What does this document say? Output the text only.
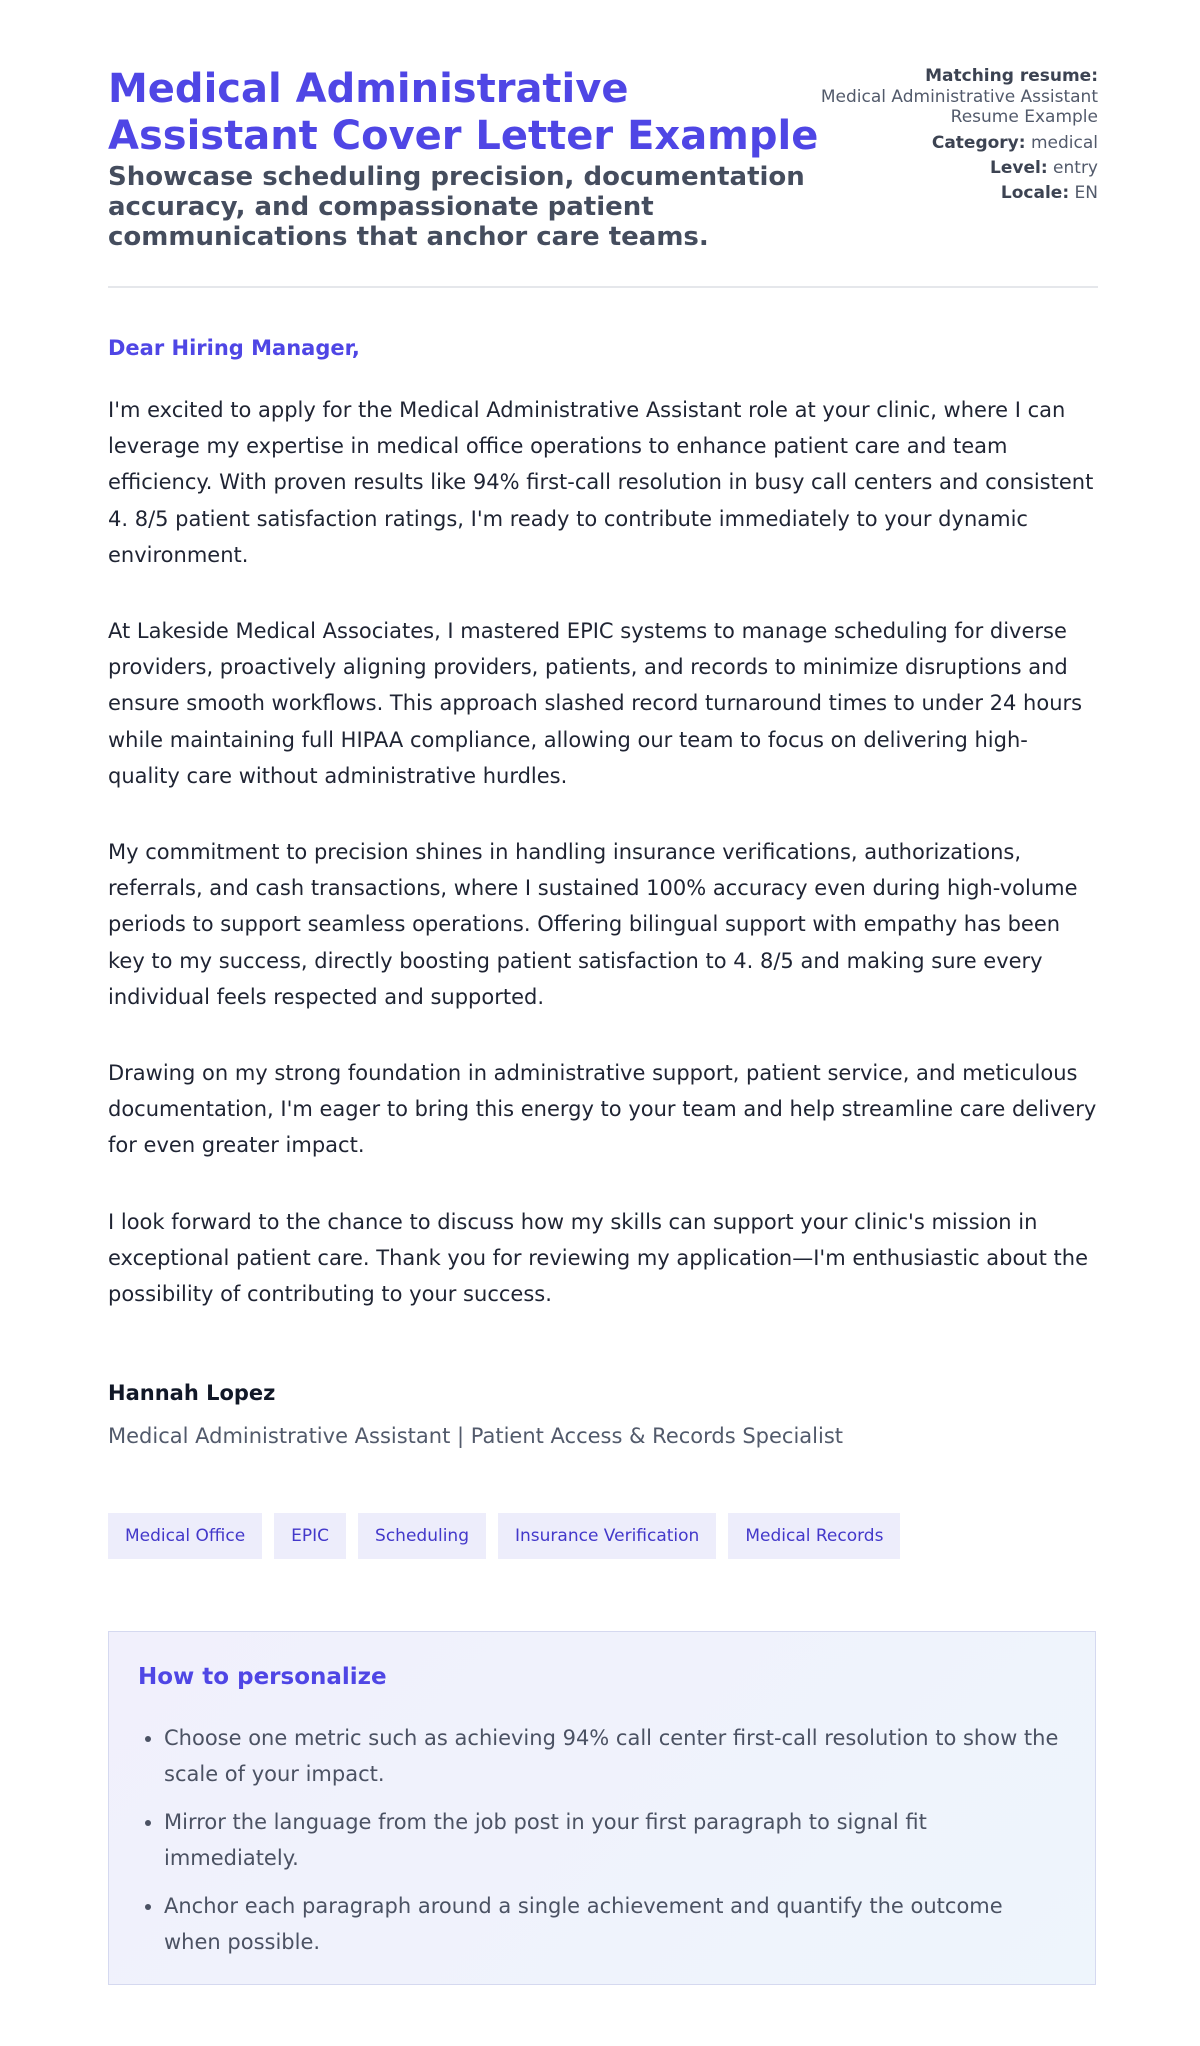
Medical Administrative Assistant Cover Letter Example
Showcase scheduling precision, documentation accuracy, and compassionate patient communications that anchor care teams.
Matching resume:
Medical Administrative Assistant Resume Example
Category: medical
Level: entry
Locale: EN

Dear Hiring Manager,

I'm excited to apply for the Medical Administrative Assistant role at your clinic, where I can leverage my expertise in medical office operations to enhance patient care and team efficiency. With proven results like 94% first-call resolution in busy call centers and consistent 4. 8/5 patient satisfaction ratings, I'm ready to contribute immediately to your dynamic environment.

At Lakeside Medical Associates, I mastered EPIC systems to manage scheduling for diverse providers, proactively aligning providers, patients, and records to minimize disruptions and ensure smooth workflows. This approach slashed record turnaround times to under 24 hours while maintaining full HIPAA compliance, allowing our team to focus on delivering high-quality care without administrative hurdles.

My commitment to precision shines in handling insurance verifications, authorizations, referrals, and cash transactions, where I sustained 100% accuracy even during high-volume periods to support seamless operations. Offering bilingual support with empathy has been key to my success, directly boosting patient satisfaction to 4. 8/5 and making sure every individual feels respected and supported.

Drawing on my strong foundation in administrative support, patient service, and meticulous documentation, I'm eager to bring this energy to your team and help streamline care delivery for even greater impact.

I look forward to the chance to discuss how my skills can support your clinic's mission in exceptional patient care. Thank you for reviewing my application—I'm enthusiastic about the possibility of contributing to your success.

Hannah Lopez

Medical Administrative Assistant | Patient Access & Records Specialist

Medical Office	EPIC	Scheduling	Insurance Verification	Medical Records
How to personalize
• Choose one metric such as achieving 94% call center first-call resolution to show the scale of your impact.
• Mirror the language from the job post in your first paragraph to signal fit immediately.
• Anchor each paragraph around a single achievement and quantify the outcome when possible.
